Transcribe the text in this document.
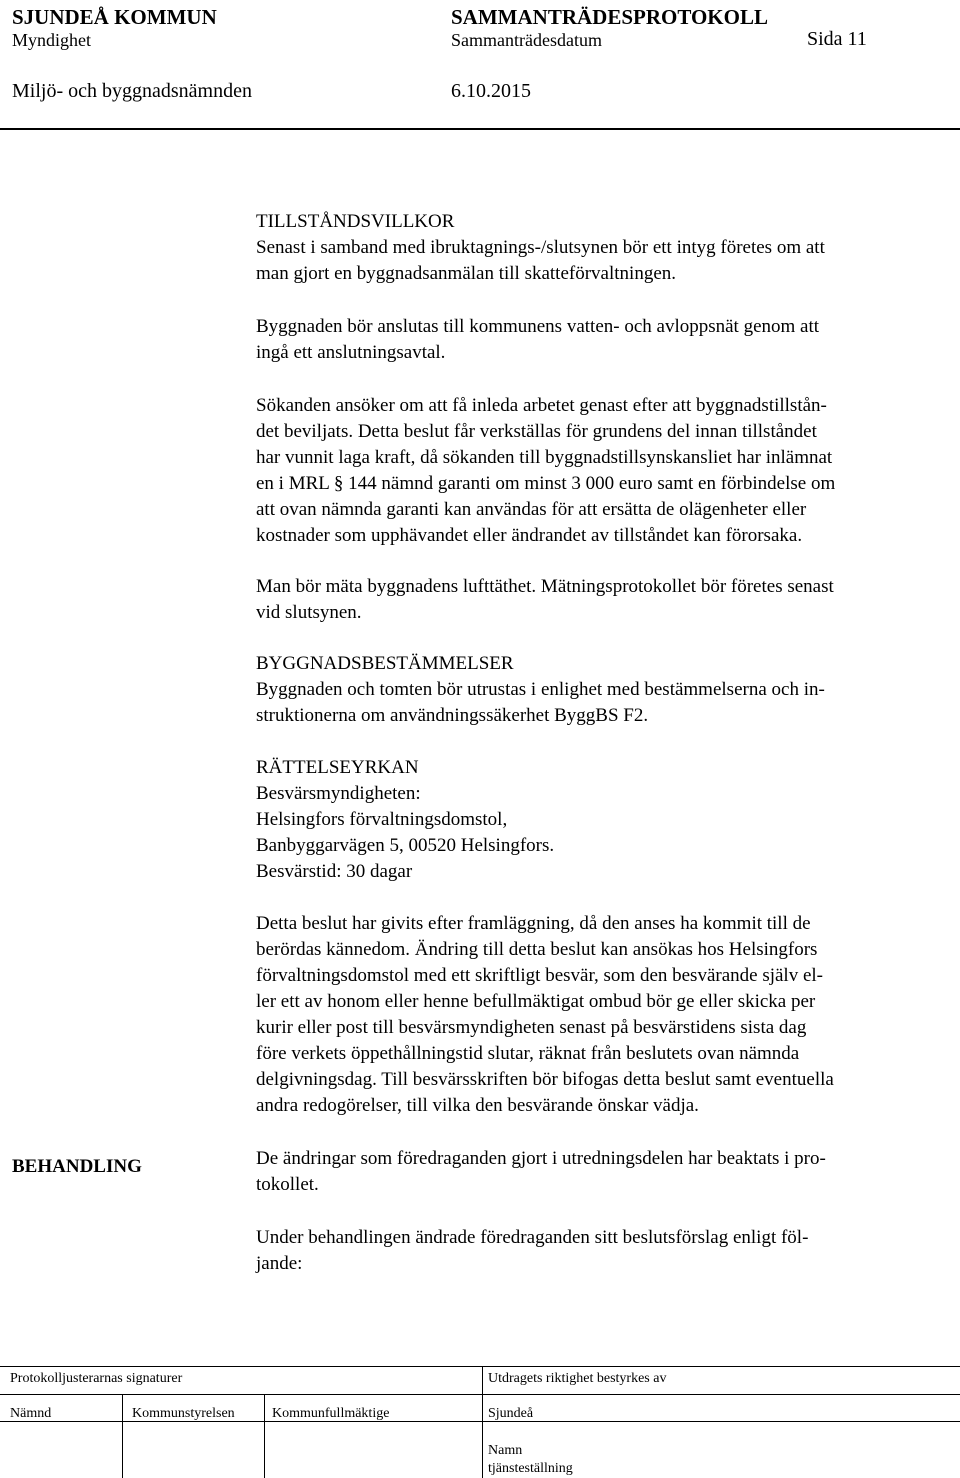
SJUNDEÅ KOMMUN	SAMMANTRÄDESPROTOKOLL
Myndighet	Sammanträdesdatum	Sida 11
Miljö- och byggnadsnämnden	6.10.2015
TILLSTÅNDSVILLKOR
Senast i samband med ibruktagnings-/slutsynen bör ett intyg företes om att
man gjort en byggnadsanmälan till skatteförvaltningen.
Byggnaden bör anslutas till kommunens vatten- och avloppsnät genom att
ingå ett anslutningsavtal.
Sökanden ansöker om att få inleda arbetet genast efter att byggnadstillstån-
det beviljats. Detta beslut får verkställas för grundens del innan tillståndet
har vunnit laga kraft, då sökanden till byggnadstillsynskansliet har inlämnat
en i MRL § 144 nämnd garanti om minst 3 000 euro samt en förbindelse om
att ovan nämnda garanti kan användas för att ersätta de olägenheter eller
kostnader som upphävandet eller ändrandet av tillståndet kan förorsaka.
Man bör mäta byggnadens lufttäthet. Mätningsprotokollet bör företes senast
vid slutsynen.
BYGGNADSBESTÄMMELSER
Byggnaden och tomten bör utrustas i enlighet med bestämmelserna och in-
struktionerna om användningssäkerhet ByggBS F2.
RÄTTELSEYRKAN
Besvärsmyndigheten:
Helsingfors förvaltningsdomstol,
Banbyggarvägen 5, 00520 Helsingfors.
Besvärstid: 30 dagar
Detta beslut har givits efter framläggning, då den anses ha kommit till de
berördas kännedom. Ändring till detta beslut kan ansökas hos Helsingfors
förvaltningsdomstol med ett skriftligt besvär, som den besvärande själv el-
ler ett av honom eller henne befullmäktigat ombud bör ge eller skicka per
kurir eller post till besvärsmyndigheten senast på besvärstidens sista dag
före verkets öppethållningstid slutar, räknat från beslutets ovan nämnda
delgivningsdag. Till besvärsskriften bör bifogas detta beslut samt eventuella
andra redogörelser, till vilka den besvärande önskar vädja.
De ändringar som föredraganden gjort i utredningsdelen har beaktats i pro-
tokollet.
Under behandlingen ändrade föredraganden sitt beslutsförslag enligt föl-
jande:
BEHANDLING
Protokolljusterarnas signaturer	Utdragets riktighet bestyrkes av
Nämnd	Kommunstyrelsen	Kommunfullmäktige	Sjundeå
Namn
tjänsteställning
